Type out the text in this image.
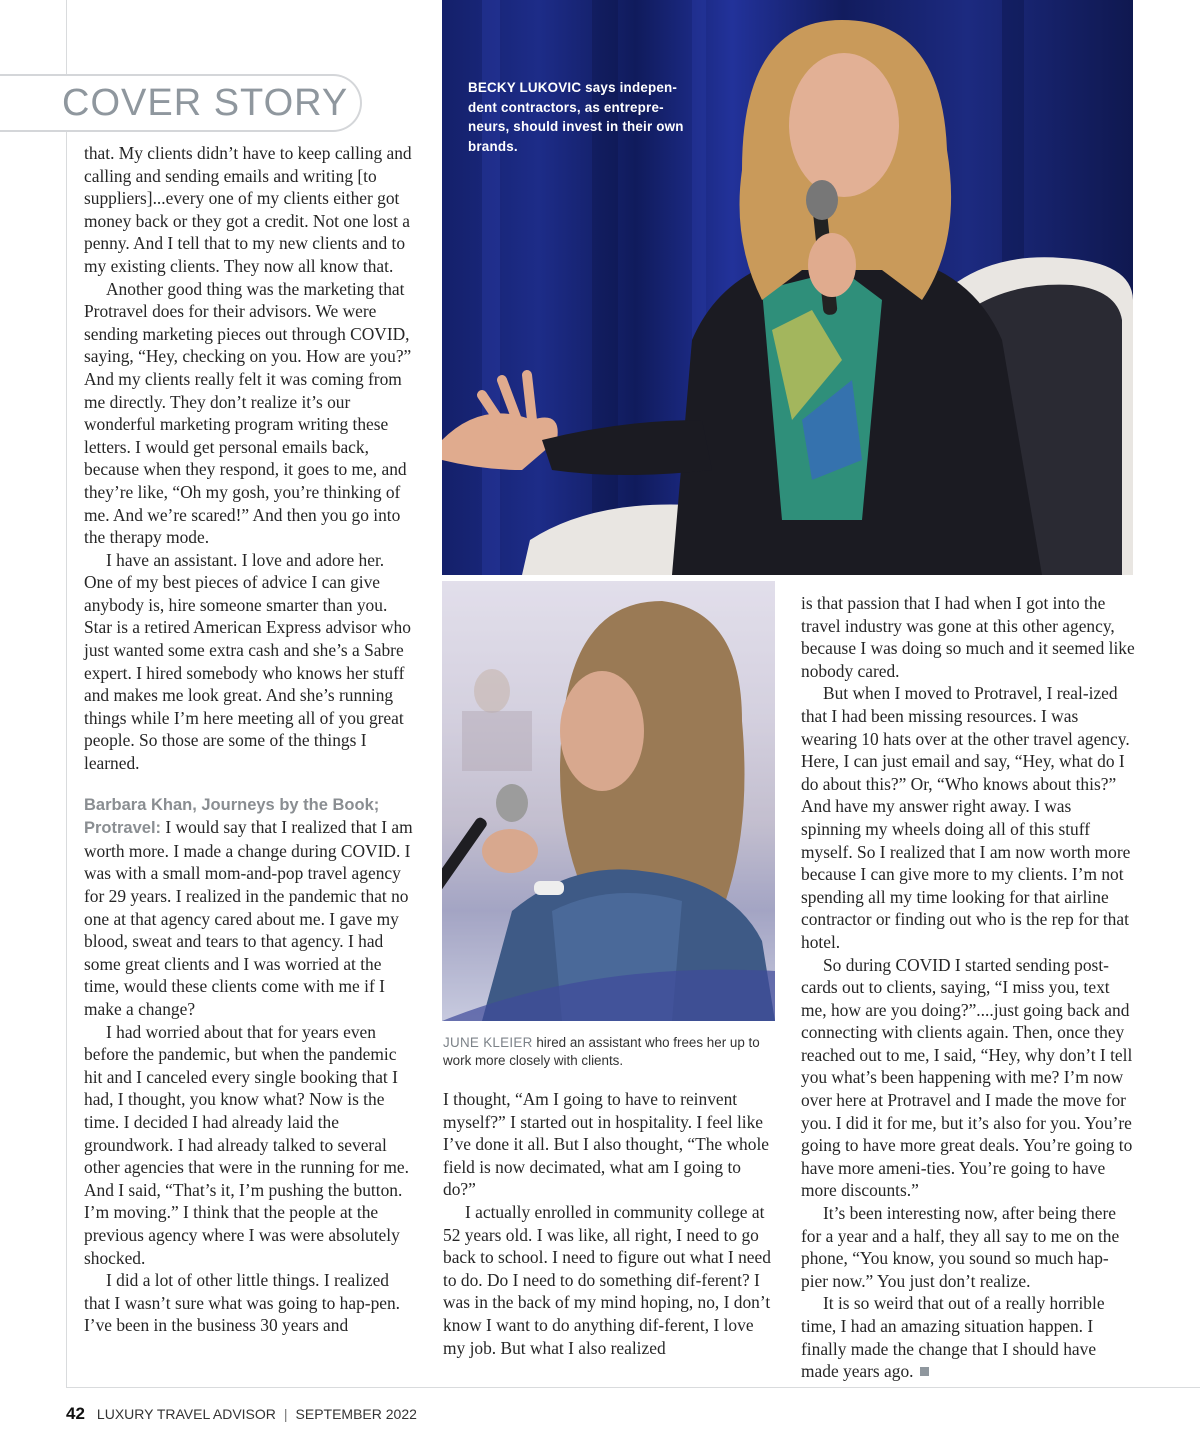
COVER STORY	BECKY LUKOVIC says indepen-dent contractors, as entrepre-neurs, should invest in their own brands.
JUNE KLEIER hired an assistant who frees her up to work more closely with clients.

that. My clients didn’t have to keep calling and calling and sending emails and writing [to suppliers]...every one of my clients either got money back or they got a credit. Not one lost a penny. And I tell that to my new clients and to my existing clients. They now all know that.

Another good thing was the marketing that Protravel does for their advisors. We were sending marketing pieces out through COVID, saying, “Hey, checking on you. How are you?” And my clients really felt it was coming from me directly. They don’t realize it’s our wonderful marketing program writing these letters. I would get personal emails back, because when they respond, it goes to me, and they’re like, “Oh my gosh, you’re thinking of me. And we’re scared!” And then you go into the therapy mode.

I have an assistant. I love and adore her. One of my best pieces of advice I can give anybody is, hire someone smarter than you. Star is a retired American Express advisor who just wanted some extra cash and she’s a Sabre expert. I hired somebody who knows her stuff and makes me look great. And she’s running things while I’m here meeting all of you great people. So those are some of the things I learned.

Barbara Khan, Journeys by the Book; Protravel: I would say that I realized that I am worth more. I made a change during COVID. I was with a small mom-and-pop travel agency for 29 years. I realized in the pandemic that no one at that agency cared about me. I gave my blood, sweat and tears to that agency. I had some great clients and I was worried at the time, would these clients come with me if I make a change?

I had worried about that for years even before the pandemic, but when the pandemic hit and I canceled every single booking that I had, I thought, you know what? Now is the time. I decided I had already laid the groundwork. I had already talked to several other agencies that were in the running for me. And I said, “That’s it, I’m pushing the button. I’m moving.” I think that the people at the previous agency where I was were absolutely shocked.

I did a lot of other little things. I realized that I wasn’t sure what was going to hap-pen. I’ve been in the business 30 years and

I thought, “Am I going to have to reinvent myself?” I started out in hospitality. I feel like I’ve done it all. But I also thought, “The whole field is now decimated, what am I going to do?”

I actually enrolled in community college at 52 years old. I was like, all right, I need to go back to school. I need to figure out what I need to do. Do I need to do something dif-ferent? I was in the back of my mind hoping, no, I don’t know I want to do anything dif-ferent, I love my job. But what I also realized

is that passion that I had when I got into the travel industry was gone at this other agency, because I was doing so much and it seemed like nobody cared.

But when I moved to Protravel, I real-ized that I had been missing resources. I was wearing 10 hats over at the other travel agency. Here, I can just email and say, “Hey, what do I do about this?” Or, “Who knows about this?” And have my answer right away. I was spinning my wheels doing all of this stuff myself. So I realized that I am now worth more because I can give more to my clients. I’m not spending all my time looking for that airline contractor or finding out who is the rep for that hotel.

So during COVID I started sending post-cards out to clients, saying, “I miss you, text me, how are you doing?”....just going back and connecting with clients again. Then, once they reached out to me, I said, “Hey, why don’t I tell you what’s been happening with me? I’m now over here at Protravel and I made the move for you. I did it for me, but it’s also for you. You’re going to have more great deals. You’re going to have more ameni-ties. You’re going to have more discounts.”

It’s been interesting now, after being there for a year and a half, they all say to me on the phone, “You know, you sound so much hap-pier now.” You just don’t realize.

It is so weird that out of a really horrible time, I had an amazing situation happen. I finally made the change that I should have made years ago.

42 LUXURY TRAVEL ADVISOR | SEPTEMBER 2022
